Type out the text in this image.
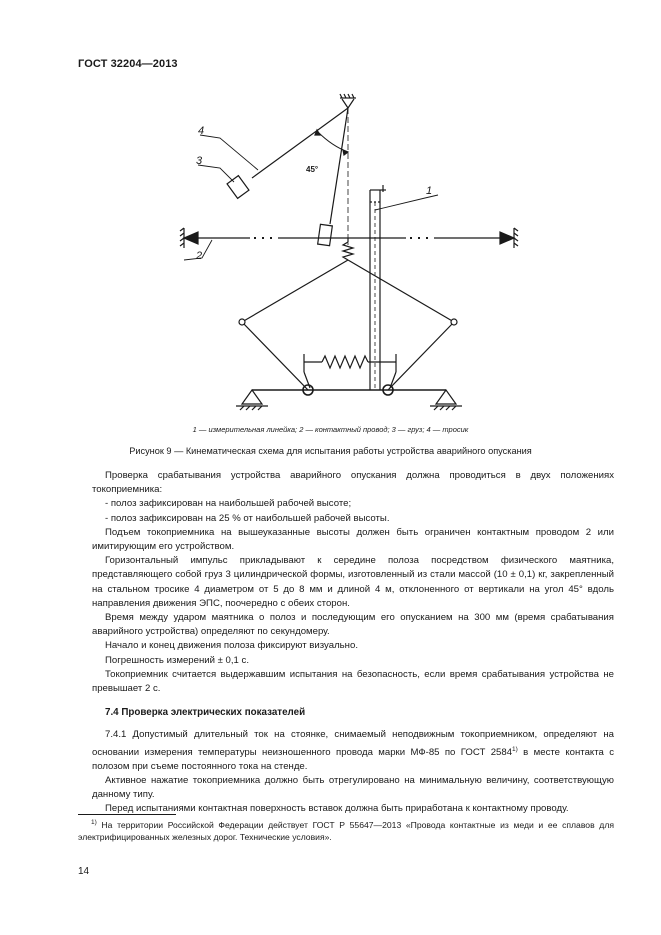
ГОСТ 32204—2013
1
2
3
4
45°
1 — измерительная линейка; 2 — контактный провод; 3 — груз; 4 — тросик
Рисунок 9 — Кинематическая схема для испытания работы устройства аварийного опускания

Проверка срабатывания устройства аварийного опускания должна проводиться в двух положениях токоприемника:

- полоз зафиксирован на наибольшей рабочей высоте;

- полоз зафиксирован на 25 % от наибольшей рабочей высоты.

Подъем токоприемника на вышеуказанные высоты должен быть ограничен контактным проводом 2 или имитирующим его устройством.

Горизонтальный импульс прикладывают к середине полоза посредством физического маятника, представляющего собой груз 3 цилиндрической формы, изготовленный из стали массой (10 ± 0,1) кг, закрепленный на стальном тросике 4 диаметром от 5 до 8 мм и длиной 4 м, отклоненного от вертикали на угол 45° вдоль направления движения ЭПС, поочередно с обеих сторон.

Время между ударом маятника о полоз и последующим его опусканием на 300 мм (время срабатывания аварийного устройства) определяют по секундомеру.

Начало и конец движения полоза фиксируют визуально.

Погрешность измерений ± 0,1 с.

Токоприемник считается выдержавшим испытания на безопасность, если время срабатывания устройства не превышает 2 с.

7.4 Проверка электрических показателей

7.4.1 Допустимый длительный ток на стоянке, снимаемый неподвижным токоприемником, определяют на основании измерения температуры неизношенного провода марки МФ-85 по ГОСТ 2584$^{1)}$ в месте контакта с полозом при съеме постоянного тока на стенде.

Активное нажатие токоприемника должно быть отрегулировано на минимальную величину, соответствующую данному типу.

Перед испытаниями контактная поверхность вставок должна быть приработана к контактному проводу.

$^{1)}$ На территории Российской Федерации действует ГОСТ Р 55647—2013 «Провода контактные из меди и ее сплавов для электрифицированных железных дорог. Технические условия».
14
